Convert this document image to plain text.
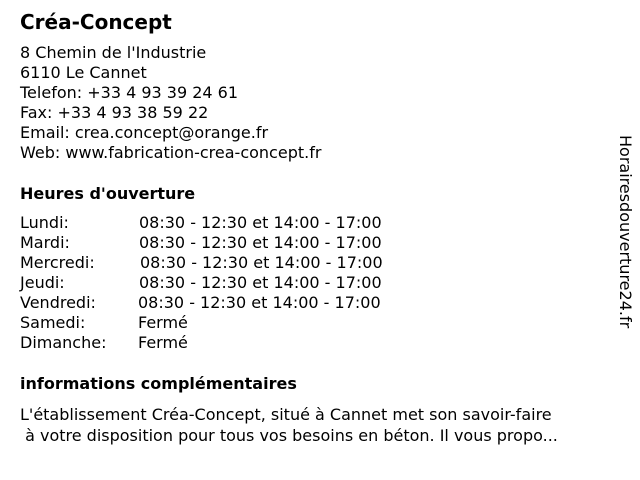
Créa-Concept
8 Chemin de l'Industrie
6110 Le Cannet
Telefon: +33 4 93 39 24 61
Fax: +33 4 93 38 59 22
Email: crea.concept@orange.fr
Web: www.fabrication-crea-concept.fr
Heures d'ouverture
Lundi:	08:30 - 12:30 et 14:00 - 17:00
Mardi:	08:30 - 12:30 et 14:00 - 17:00
Mercredi:	08:30 - 12:30 et 14:00 - 17:00
Jeudi:	08:30 - 12:30 et 14:00 - 17:00
Vendredi:	08:30 - 12:30 et 14:00 - 17:00
Samedi:	Fermé
Dimanche: Fermé
informations complémentaires
L'établissement Créa-Concept, situé à Cannet met son savoir-faire
à votre disposition pour tous vos besoins en béton. Il vous propo...
Horairesdouverture24.fr
